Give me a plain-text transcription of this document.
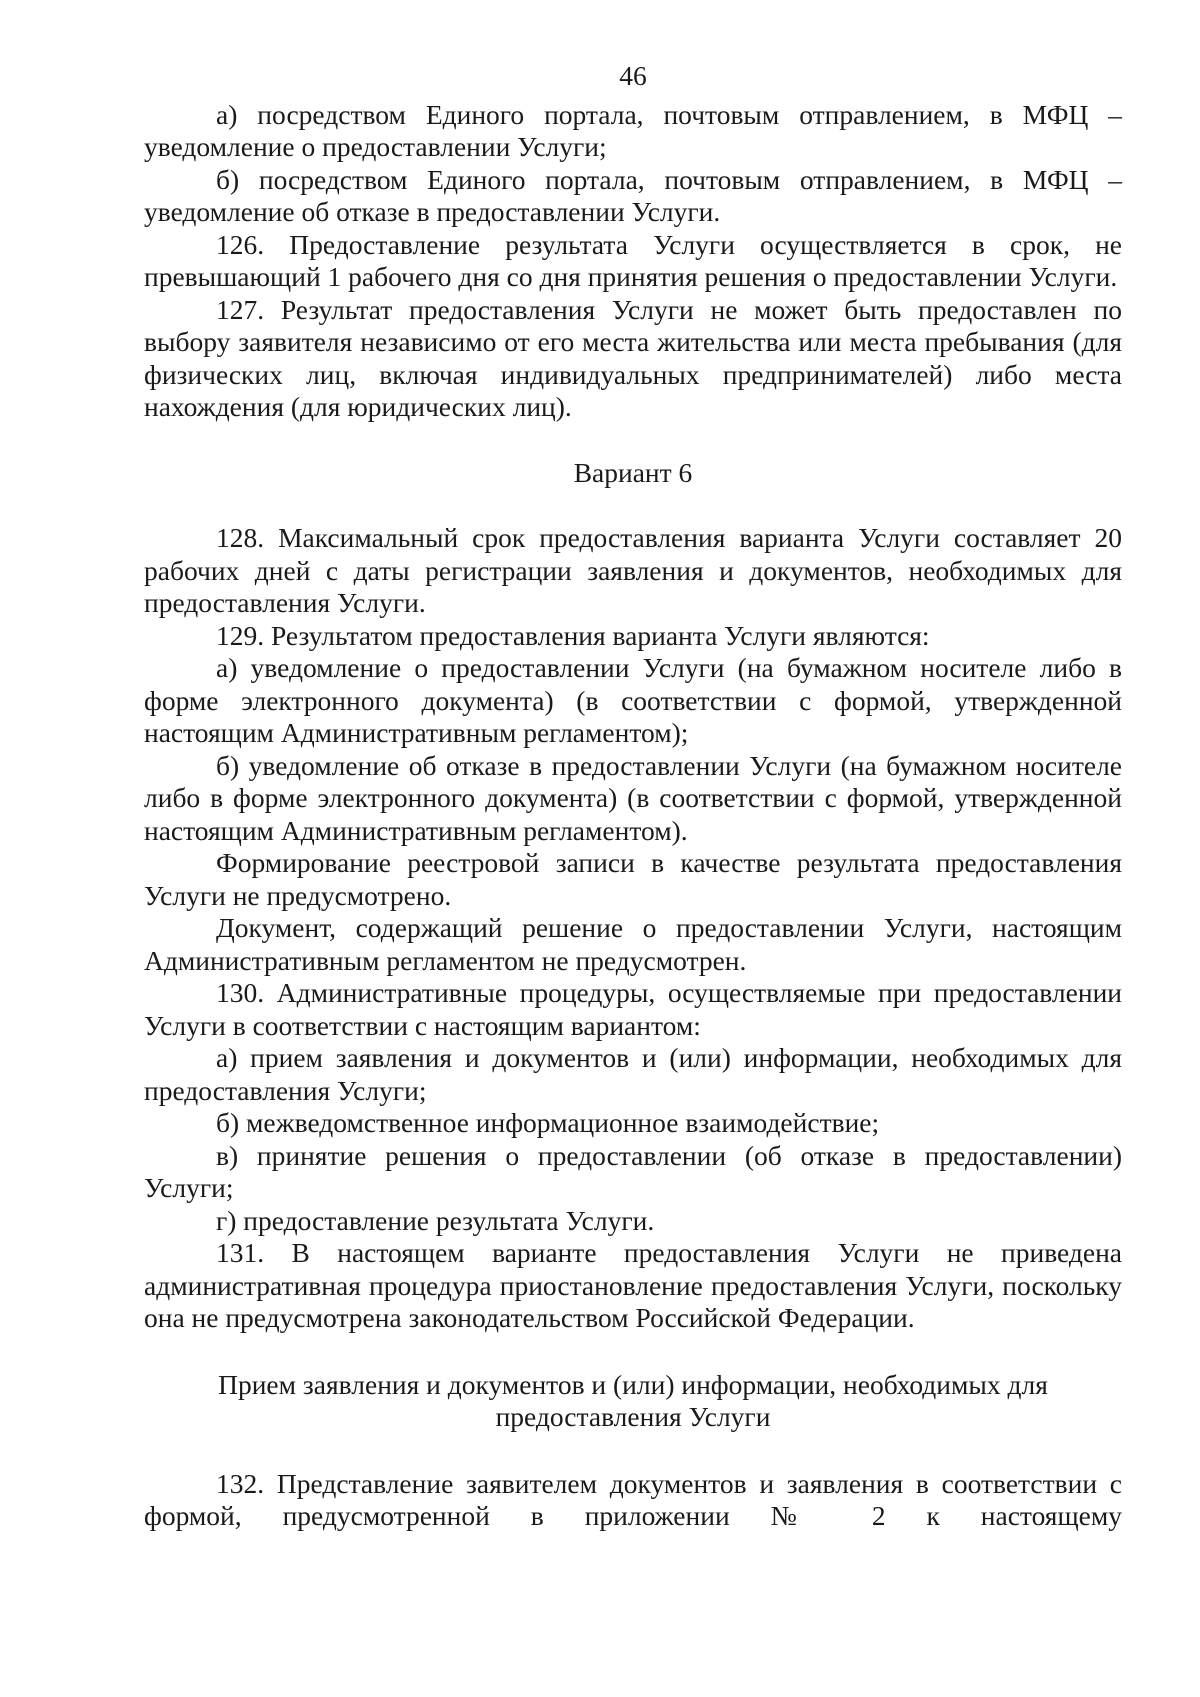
46

а) посредством Единого портала, почтовым отправлением, в МФЦ – уведомление о предоставлении Услуги;

б) посредством Единого портала, почтовым отправлением, в МФЦ – уведомление об отказе в предоставлении Услуги.

126. Предоставление результата Услуги осуществляется в срок, не превышающий 1 рабочего дня со дня принятия решения о предоставлении Услуги.

127. Результат предоставления Услуги не может быть предоставлен по выбору заявителя независимо от его места жительства или места пребывания (для физических лиц, включая индивидуальных предпринимателей) либо места нахождения (для юридических лиц).

Вариант 6

128. Максимальный срок предоставления варианта Услуги составляет 20 рабочих дней с даты регистрации заявления и документов, необходимых для предоставления Услуги.

129. Результатом предоставления варианта Услуги являются:

а) уведомление о предоставлении Услуги (на бумажном носителе либо в форме электронного документа) (в соответствии с формой, утвержденной настоящим Административным регламентом);

б) уведомление об отказе в предоставлении Услуги (на бумажном носителе либо в форме электронного документа) (в соответствии с формой, утвержденной настоящим Административным регламентом).

Формирование реестровой записи в качестве результата предоставления Услуги не предусмотрено.

Документ, содержащий решение о предоставлении Услуги, настоящим Административным регламентом не предусмотрен.

130. Административные процедуры, осуществляемые при предоставлении Услуги в соответствии с настоящим вариантом:

а) прием заявления и документов и (или) информации, необходимых для предоставления Услуги;

б) межведомственное информационное взаимодействие;

в) принятие решения о предоставлении (об отказе в предоставлении) Услуги;

г) предоставление результата Услуги.

131. В настоящем варианте предоставления Услуги не приведена административная процедура приостановление предоставления Услуги, поскольку она не предусмотрена законодательством Российской Федерации.

Прием заявления и документов и (или) информации, необходимых для предоставления Услуги

132. Представление заявителем документов и заявления в соответствии с формой, предусмотренной в приложении № 2 к настоящему
